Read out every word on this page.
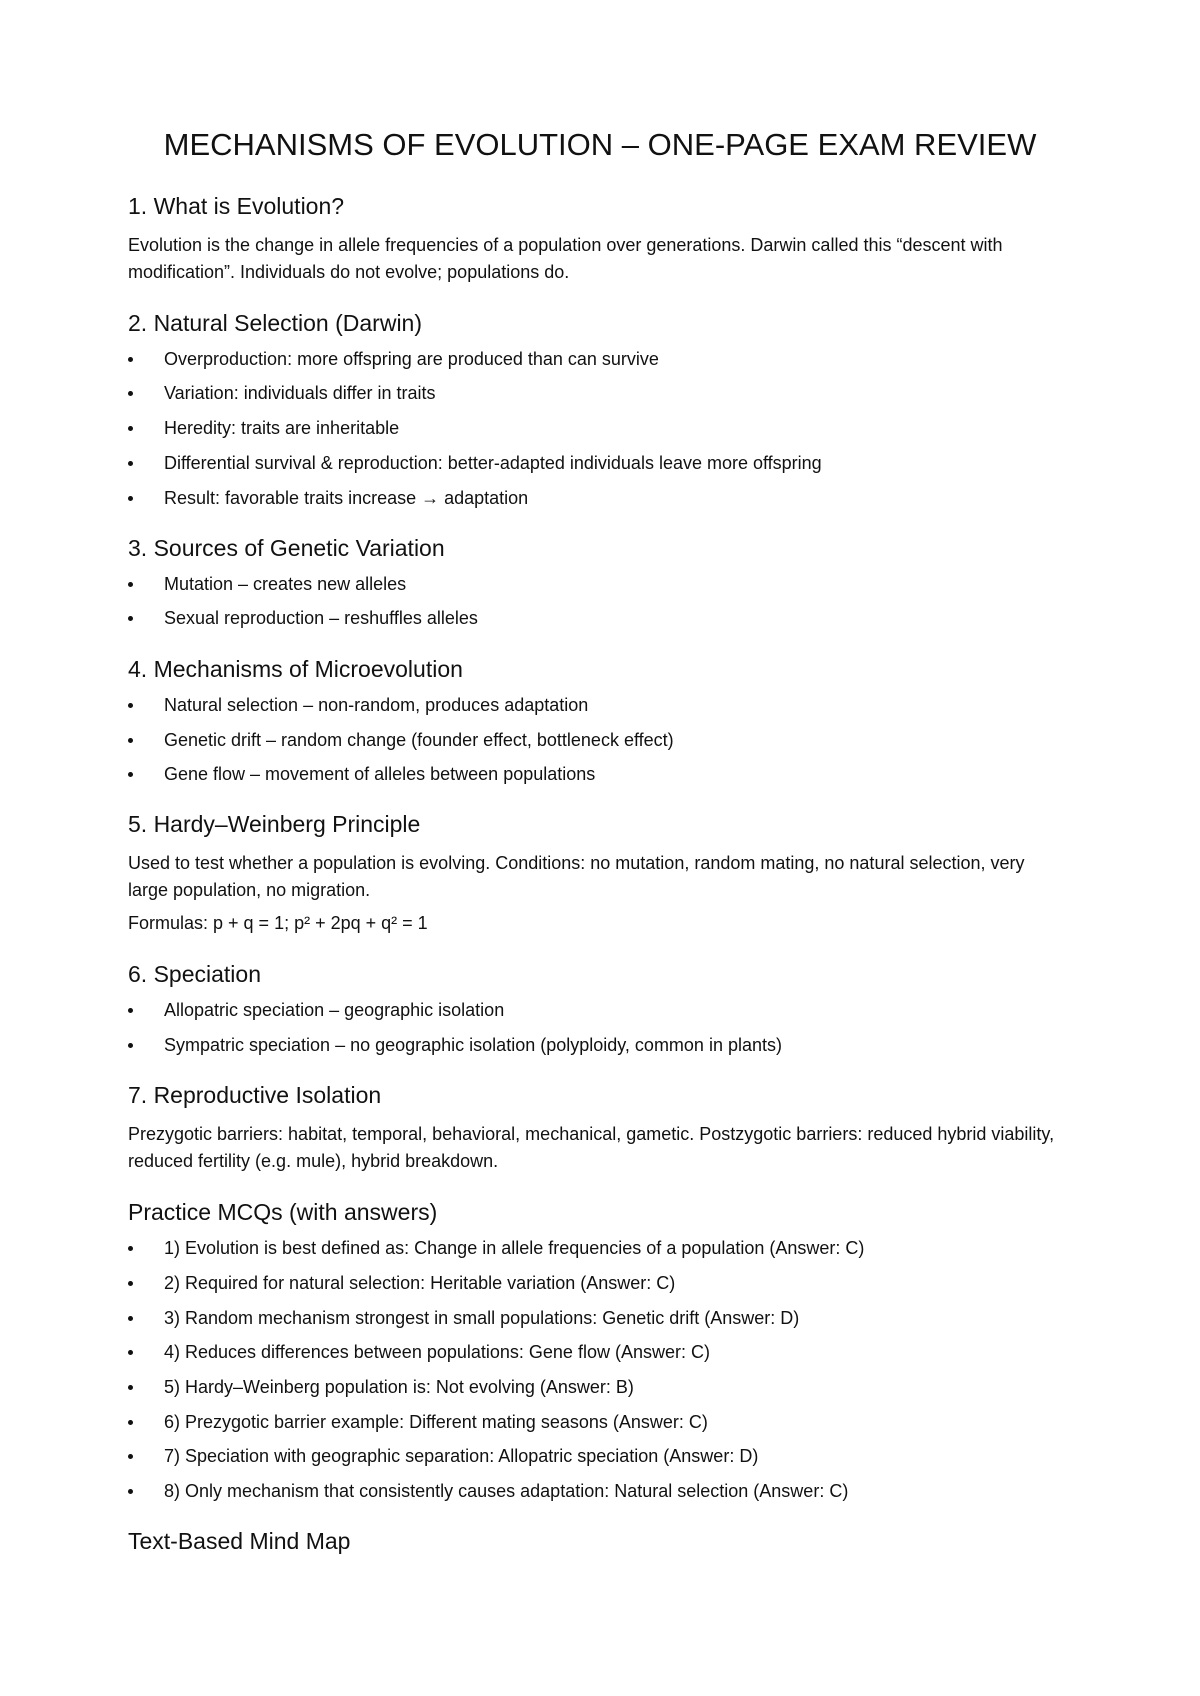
MECHANISMS OF EVOLUTION – ONE-PAGE EXAM REVIEW
1. What is Evolution?

Evolution is the change in allele frequencies of a population over generations. Darwin called this “descent with modification”. Individuals do not evolve; populations do.

2. Natural Selection (Darwin)
Overproduction: more offspring are produced than can survive
Variation: individuals differ in traits
Heredity: traits are inheritable
Differential survival & reproduction: better-adapted individuals leave more offspring
Result: favorable traits increase → adaptation
3. Sources of Genetic Variation
Mutation – creates new alleles
Sexual reproduction – reshuffles alleles
4. Mechanisms of Microevolution
Natural selection – non-random, produces adaptation
Genetic drift – random change (founder effect, bottleneck effect)
Gene flow – movement of alleles between populations
5. Hardy–Weinberg Principle

Used to test whether a population is evolving. Conditions: no mutation, random mating, no natural selection, very large population, no migration.

Formulas: p + q = 1; p² + 2pq + q² = 1

6. Speciation
Allopatric speciation – geographic isolation
Sympatric speciation – no geographic isolation (polyploidy, common in plants)
7. Reproductive Isolation

Prezygotic barriers: habitat, temporal, behavioral, mechanical, gametic. Postzygotic barriers: reduced hybrid viability, reduced fertility (e.g. mule), hybrid breakdown.

Practice MCQs (with answers)
1) Evolution is best defined as: Change in allele frequencies of a population (Answer: C)
2) Required for natural selection: Heritable variation (Answer: C)
3) Random mechanism strongest in small populations: Genetic drift (Answer: D)
4) Reduces differences between populations: Gene flow (Answer: C)
5) Hardy–Weinberg population is: Not evolving (Answer: B)
6) Prezygotic barrier example: Different mating seasons (Answer: C)
7) Speciation with geographic separation: Allopatric speciation (Answer: D)
8) Only mechanism that consistently causes adaptation: Natural selection (Answer: C)
Text-Based Mind Map
